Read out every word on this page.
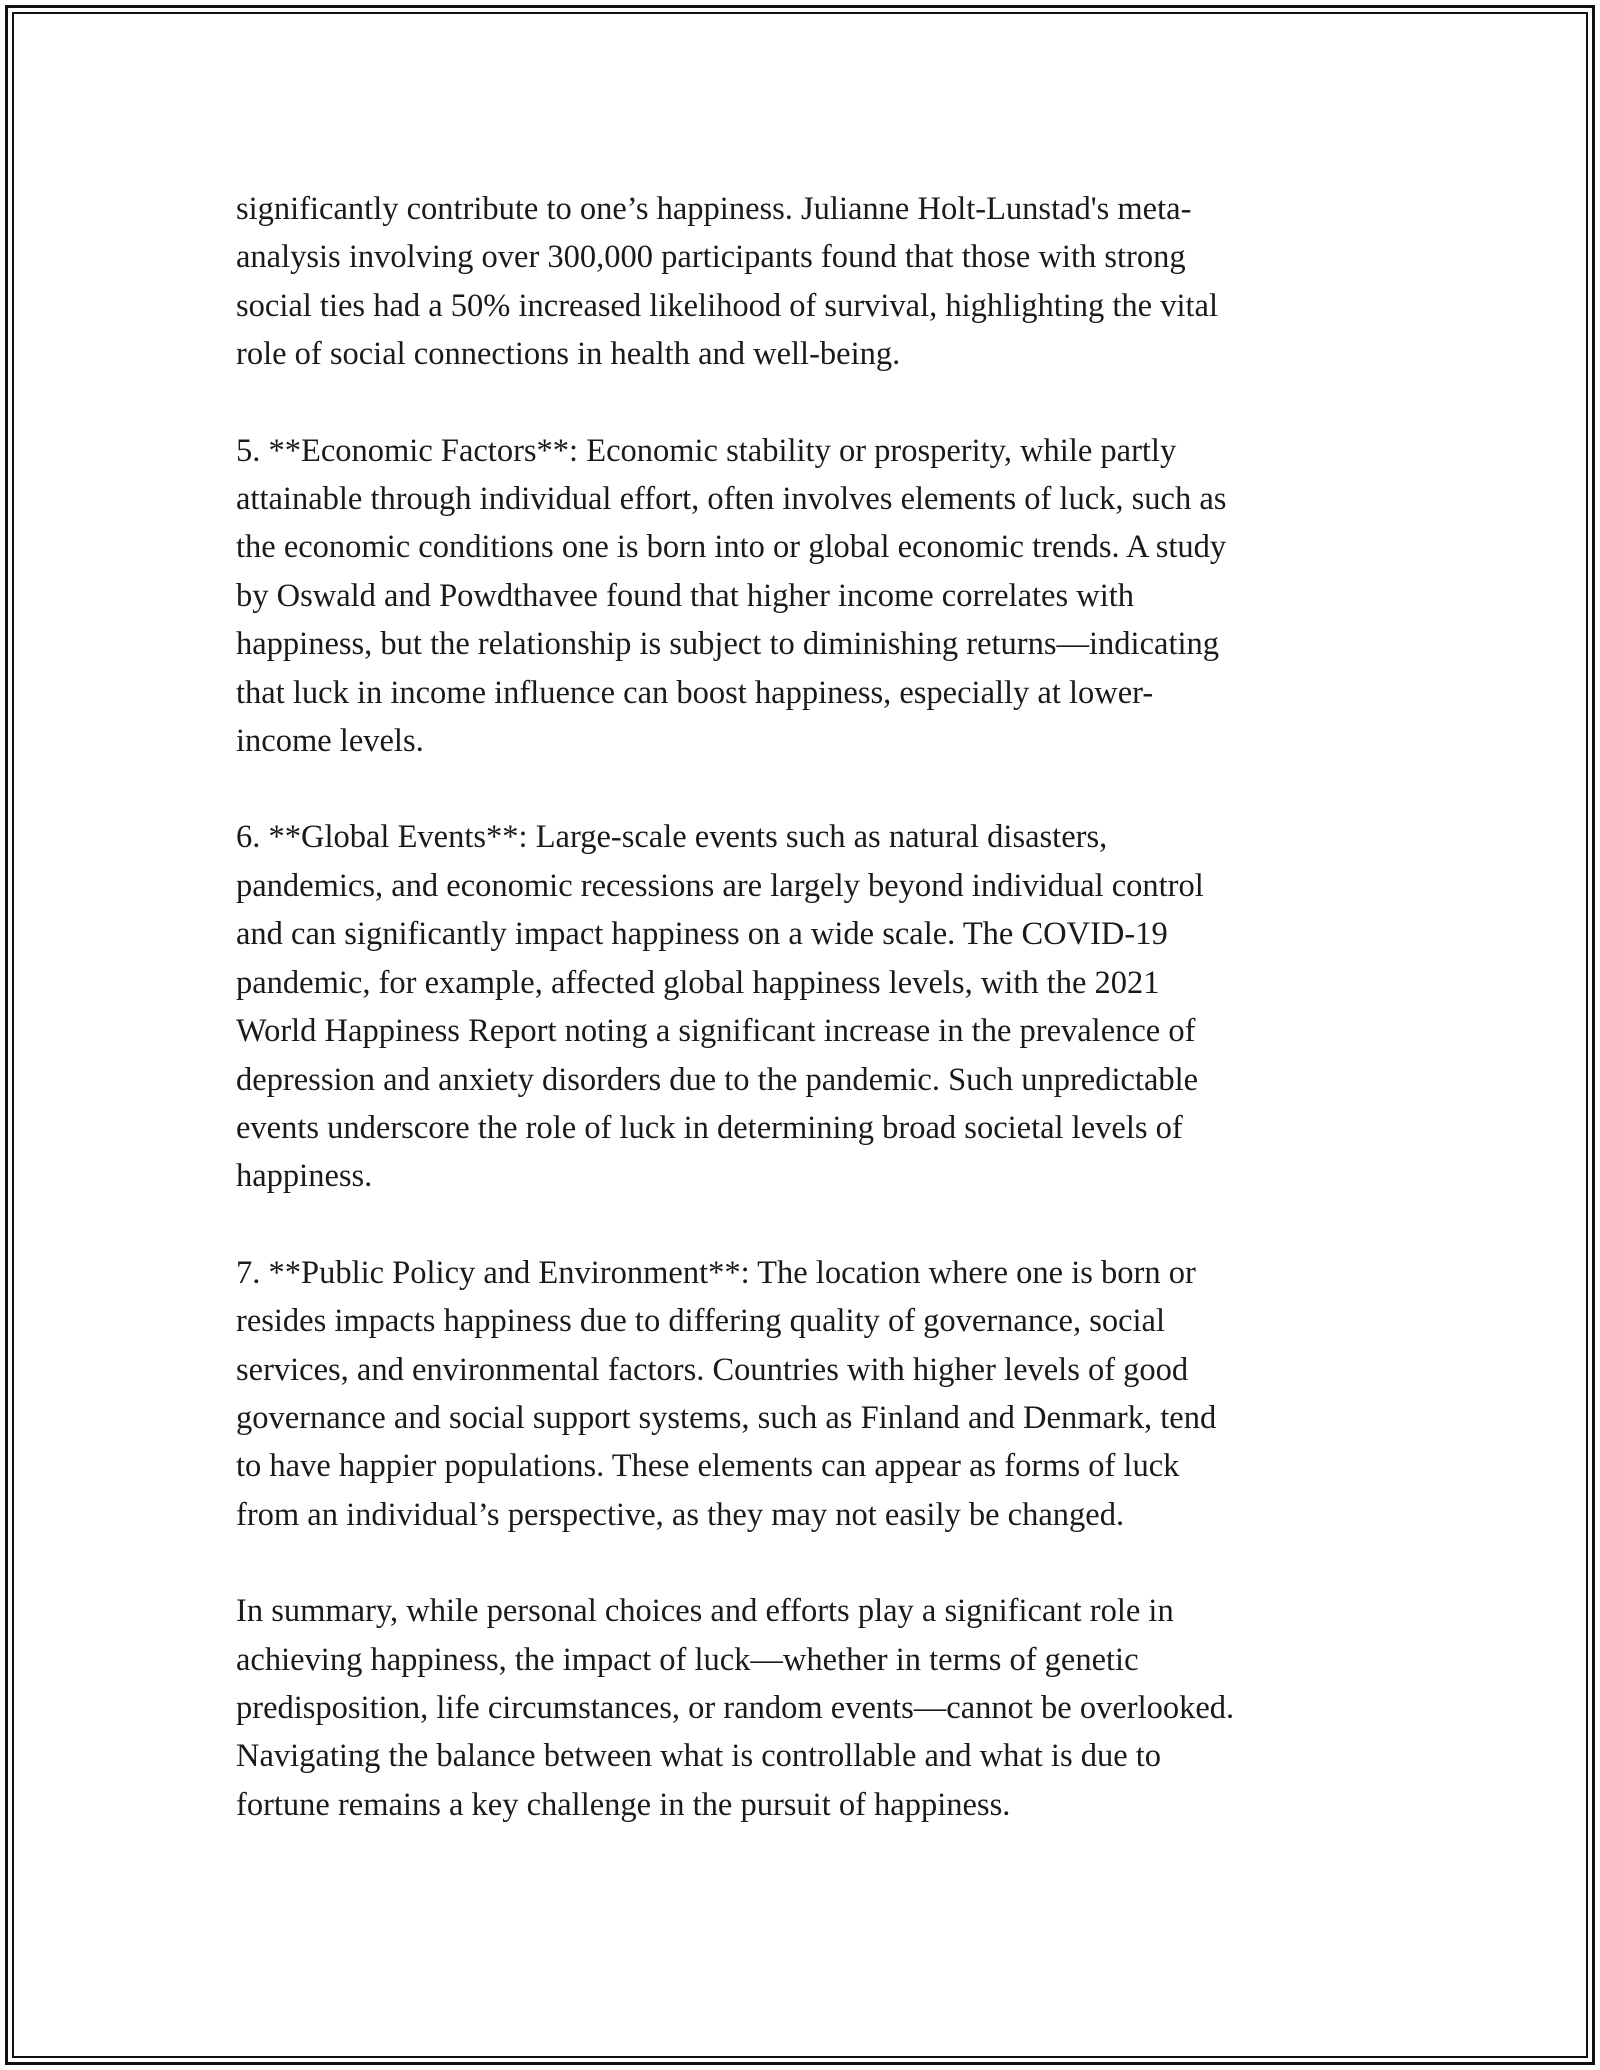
significantly contribute to one’s happiness. Julianne Holt-Lunstad's meta-
analysis involving over 300,000 participants found that those with strong
social ties had a 50% increased likelihood of survival, highlighting the vital
role of social connections in health and well-being.

5. **Economic Factors**: Economic stability or prosperity, while partly
attainable through individual effort, often involves elements of luck, such as
the economic conditions one is born into or global economic trends. A study
by Oswald and Powdthavee found that higher income correlates with
happiness, but the relationship is subject to diminishing returns—indicating
that luck in income influence can boost happiness, especially at lower-
income levels.

6. **Global Events**: Large-scale events such as natural disasters,
pandemics, and economic recessions are largely beyond individual control
and can significantly impact happiness on a wide scale. The COVID-19
pandemic, for example, affected global happiness levels, with the 2021
World Happiness Report noting a significant increase in the prevalence of
depression and anxiety disorders due to the pandemic. Such unpredictable
events underscore the role of luck in determining broad societal levels of
happiness.

7. **Public Policy and Environment**: The location where one is born or
resides impacts happiness due to differing quality of governance, social
services, and environmental factors. Countries with higher levels of good
governance and social support systems, such as Finland and Denmark, tend
to have happier populations. These elements can appear as forms of luck
from an individual’s perspective, as they may not easily be changed.

In summary, while personal choices and efforts play a significant role in
achieving happiness, the impact of luck—whether in terms of genetic
predisposition, life circumstances, or random events—cannot be overlooked.
Navigating the balance between what is controllable and what is due to
fortune remains a key challenge in the pursuit of happiness.
